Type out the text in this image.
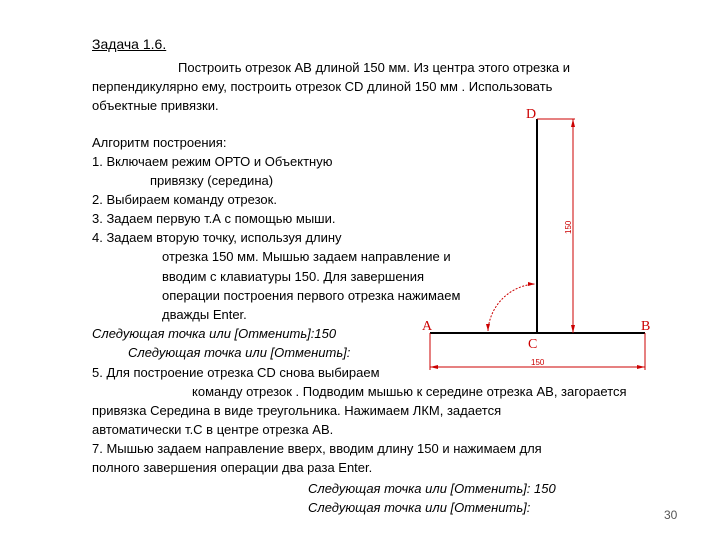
Задача 1.6.
Построить отрезок АВ длиной 150 мм. Из центра этого отрезка и
перпендикулярно ему, построить отрезок CD длиной 150 мм . Использовать
объектные привязки.
Алгоритм построения:
1. Включаем режим ОРТО и Объектную
привязку (середина)
2. Выбираем команду отрезок.
3. Задаем первую т.А с помощью мыши.
4. Задаем вторую точку, используя длину
отрезка 150 мм. Мышью задаем направление и
вводим с клавиатуры 150. Для завершения
операции построения первого отрезка нажимаем
дважды Enter.
Следующая точка или [Отменить]:150
Следующая точка или [Отменить]:
5. Для построение отрезка CD снова выбираем
команду отрезок . Подводим мышью к середине отрезка АВ, загорается
привязка Середина в виде треугольника. Нажимаем ЛКМ, задается
автоматически т.С в центре отрезка АВ.
7. Мышью задаем направление вверх, вводим длину 150 и нажимаем для
полного завершения операции два раза Enter.
Следующая точка или [Отменить]: 150
Следующая точка или [Отменить]:
D
A	B
C
150
150
30
